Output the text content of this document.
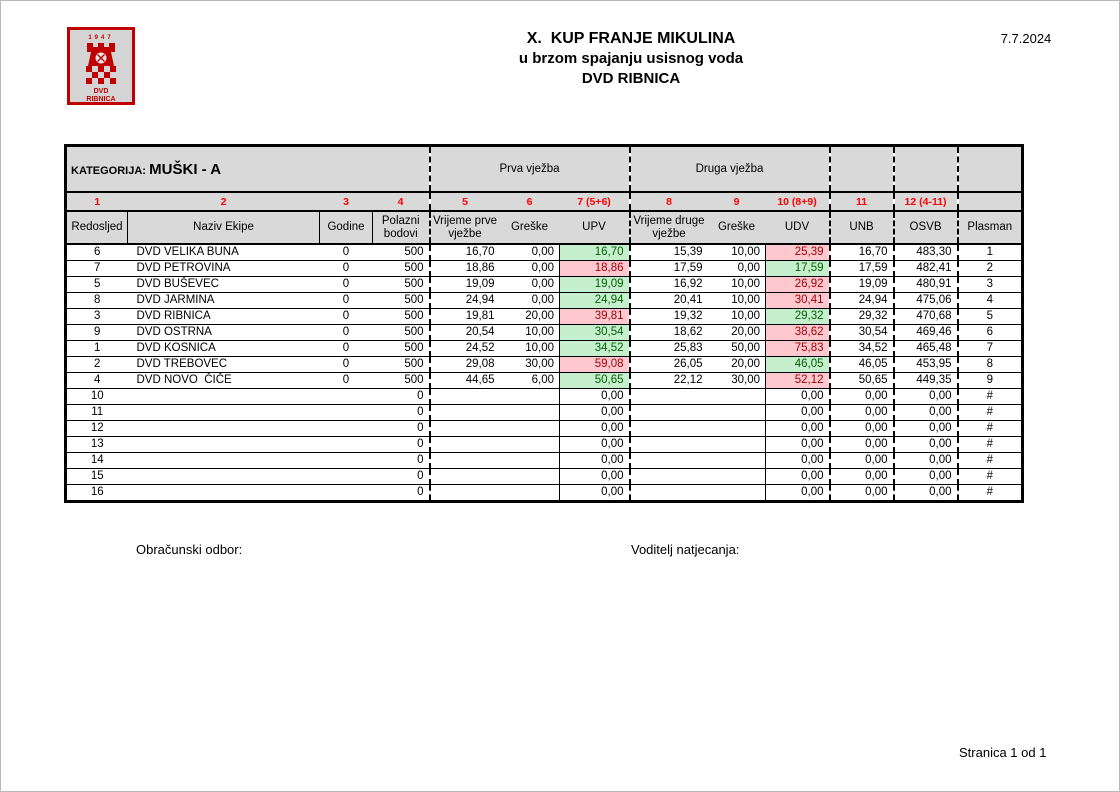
1947
DVD
RIBNICA
X.  KUP FRANJE MIKULINA
u brzom spajanju usisnog voda
DVD RIBNICA
7.7.2024
KATEGORIJA: MUŠKI - A				Prva vježba			Druga vježba					
1	2	3	4	5	6	7 (5+6)	8	9	10 (8+9)	11	12 (4-11)	
Redosljed	Naziv Ekipe	Godine	Polazni bodovi	Vrijeme prve vježbe	Greške	UPV	Vrijeme druge vježbe	Greške	UDV	UNB	OSVB	Plasman
6	DVD VELIKA BUNA	0	500	16,70	0,00	16,70	15,39	10,00	25,39	16,70	483,30	1
7	DVD PETROVINA	0	500	18,86	0,00	18,86	17,59	0,00	17,59	17,59	482,41	2
5	DVD BUŠEVEC	0	500	19,09	0,00	19,09	16,92	10,00	26,92	19,09	480,91	3
8	DVD JARMINA	0	500	24,94	0,00	24,94	20,41	10,00	30,41	24,94	475,06	4
3	DVD RIBNICA	0	500	19,81	20,00	39,81	19,32	10,00	29,32	29,32	470,68	5
9	DVD OSTRNA	0	500	20,54	10,00	30,54	18,62	20,00	38,62	30,54	469,46	6
1	DVD KOSNICA	0	500	24,52	10,00	34,52	25,83	50,00	75,83	34,52	465,48	7
2	DVD TREBOVEC	0	500	29,08	30,00	59,08	26,05	20,00	46,05	46,05	453,95	8
4	DVD NOVO  ČIČE	0	500	44,65	6,00	50,65	22,12	30,00	52,12	50,65	449,35	9
10			0			0,00			0,00	0,00	0,00	#
11			0			0,00			0,00	0,00	0,00	#
12			0			0,00			0,00	0,00	0,00	#
13			0			0,00			0,00	0,00	0,00	#
14			0			0,00			0,00	0,00	0,00	#
15			0			0,00			0,00	0,00	0,00	#
16			0			0,00			0,00	0,00	0,00	#
Obračunski odbor:	Voditelj natjecanja:
Stranica 1 od 1
